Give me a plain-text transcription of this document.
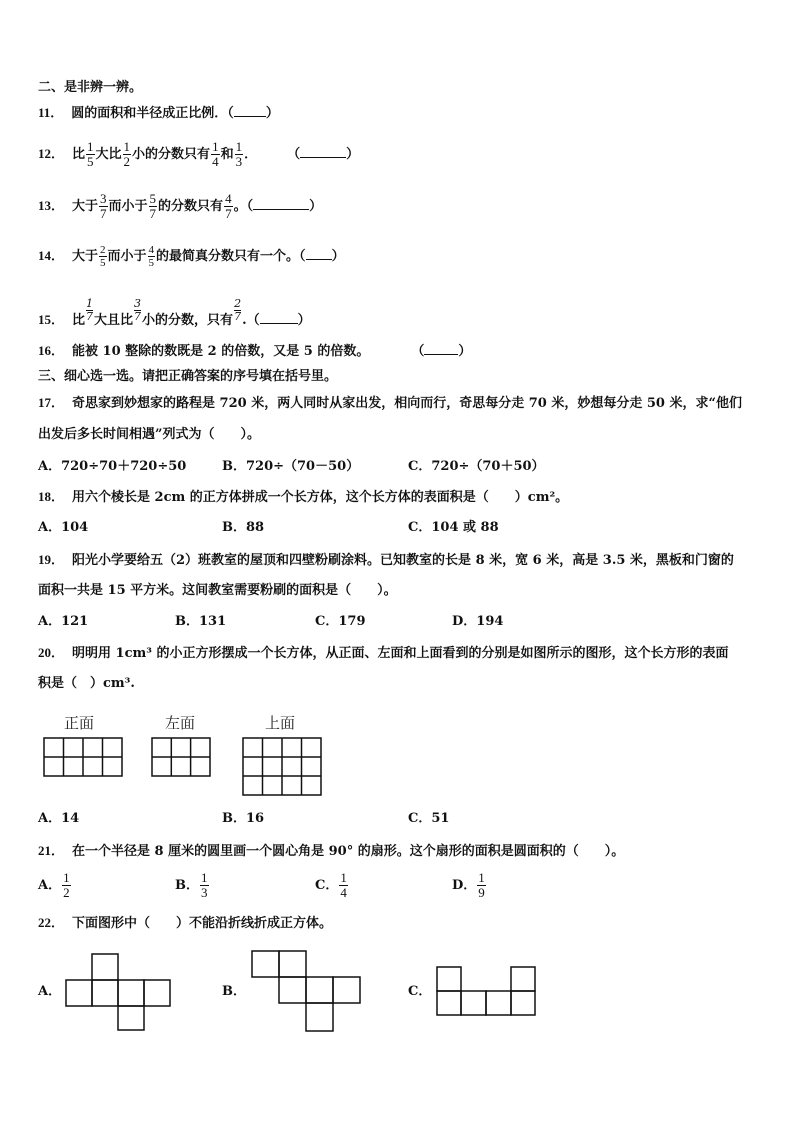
二、是非辨一辨。
11． 圆的面积和半径成正比例．（ ）
12． 比 $\frac{1}{5}$ 大比 $\frac{1}{2}$ 小的分数只有 $\frac{1}{4}$ 和 $\frac{1}{3}$ ． （	）
13． 大于 $\frac{3}{7}$ 而小于 $\frac{5}{7}$ 的分数只有 $\frac{4}{7}$ 。（	）
14． 大于 $\frac{2}{5}$ 而小于 $\frac{4}{5}$ 的最简真分数只有一个。（ ）
15． 比 $\frac{1}{7}$ 大且比 $\frac{3}{7}$ 小的分数，只有 $\frac{2}{7}$ .（	）
16． 能被 10 整除的数既是 2 的倍数，又是 5 的倍数。	（	）
三、细心选一选。请把正确答案的序号填在括号里。
17． 奇思家到妙想家的路程是 720 米，两人同时从家出发，相向而行，奇思每分走 70 米，妙想每分走 50 米，求“他们
出发后多长时间相遇”列式为（　　）。
A．720÷70＋720÷50	B．720÷（70－50）	C．720÷（70＋50）
18． 用六个棱长是 2cm 的正方体拼成一个长方体，这个长方体的表面积是（　　）cm²。
A．104	B．88	C．104 或 88
19． 阳光小学要给五（2）班教室的屋顶和四壁粉刷涂料。已知教室的长是 8 米，宽 6 米，高是 3.5 米，黑板和门窗的
面积一共是 15 平方米。这间教室需要粉刷的面积是（　　）。
A．121	B．131	C．179	D．194
20． 明明用 1cm³ 的小正方形摆成一个长方体，从正面、左面和上面看到的分别是如图所示的图形，这个长方形的表面
积是（　）cm³.
正面	左面	上面
A．14	B．16	C．51
21． 在一个半径是 8 厘米的圆里画一个圆心角是 90° 的扇形。这个扇形的面积是圆面积的（　　）。
A． $\frac{1}{2}$	B． $\frac{1}{3}$	C． $\frac{1}{4}$	D． $\frac{1}{9}$
22． 下面图形中（　　）不能沿折线折成正方体。
A．	B．	C．
